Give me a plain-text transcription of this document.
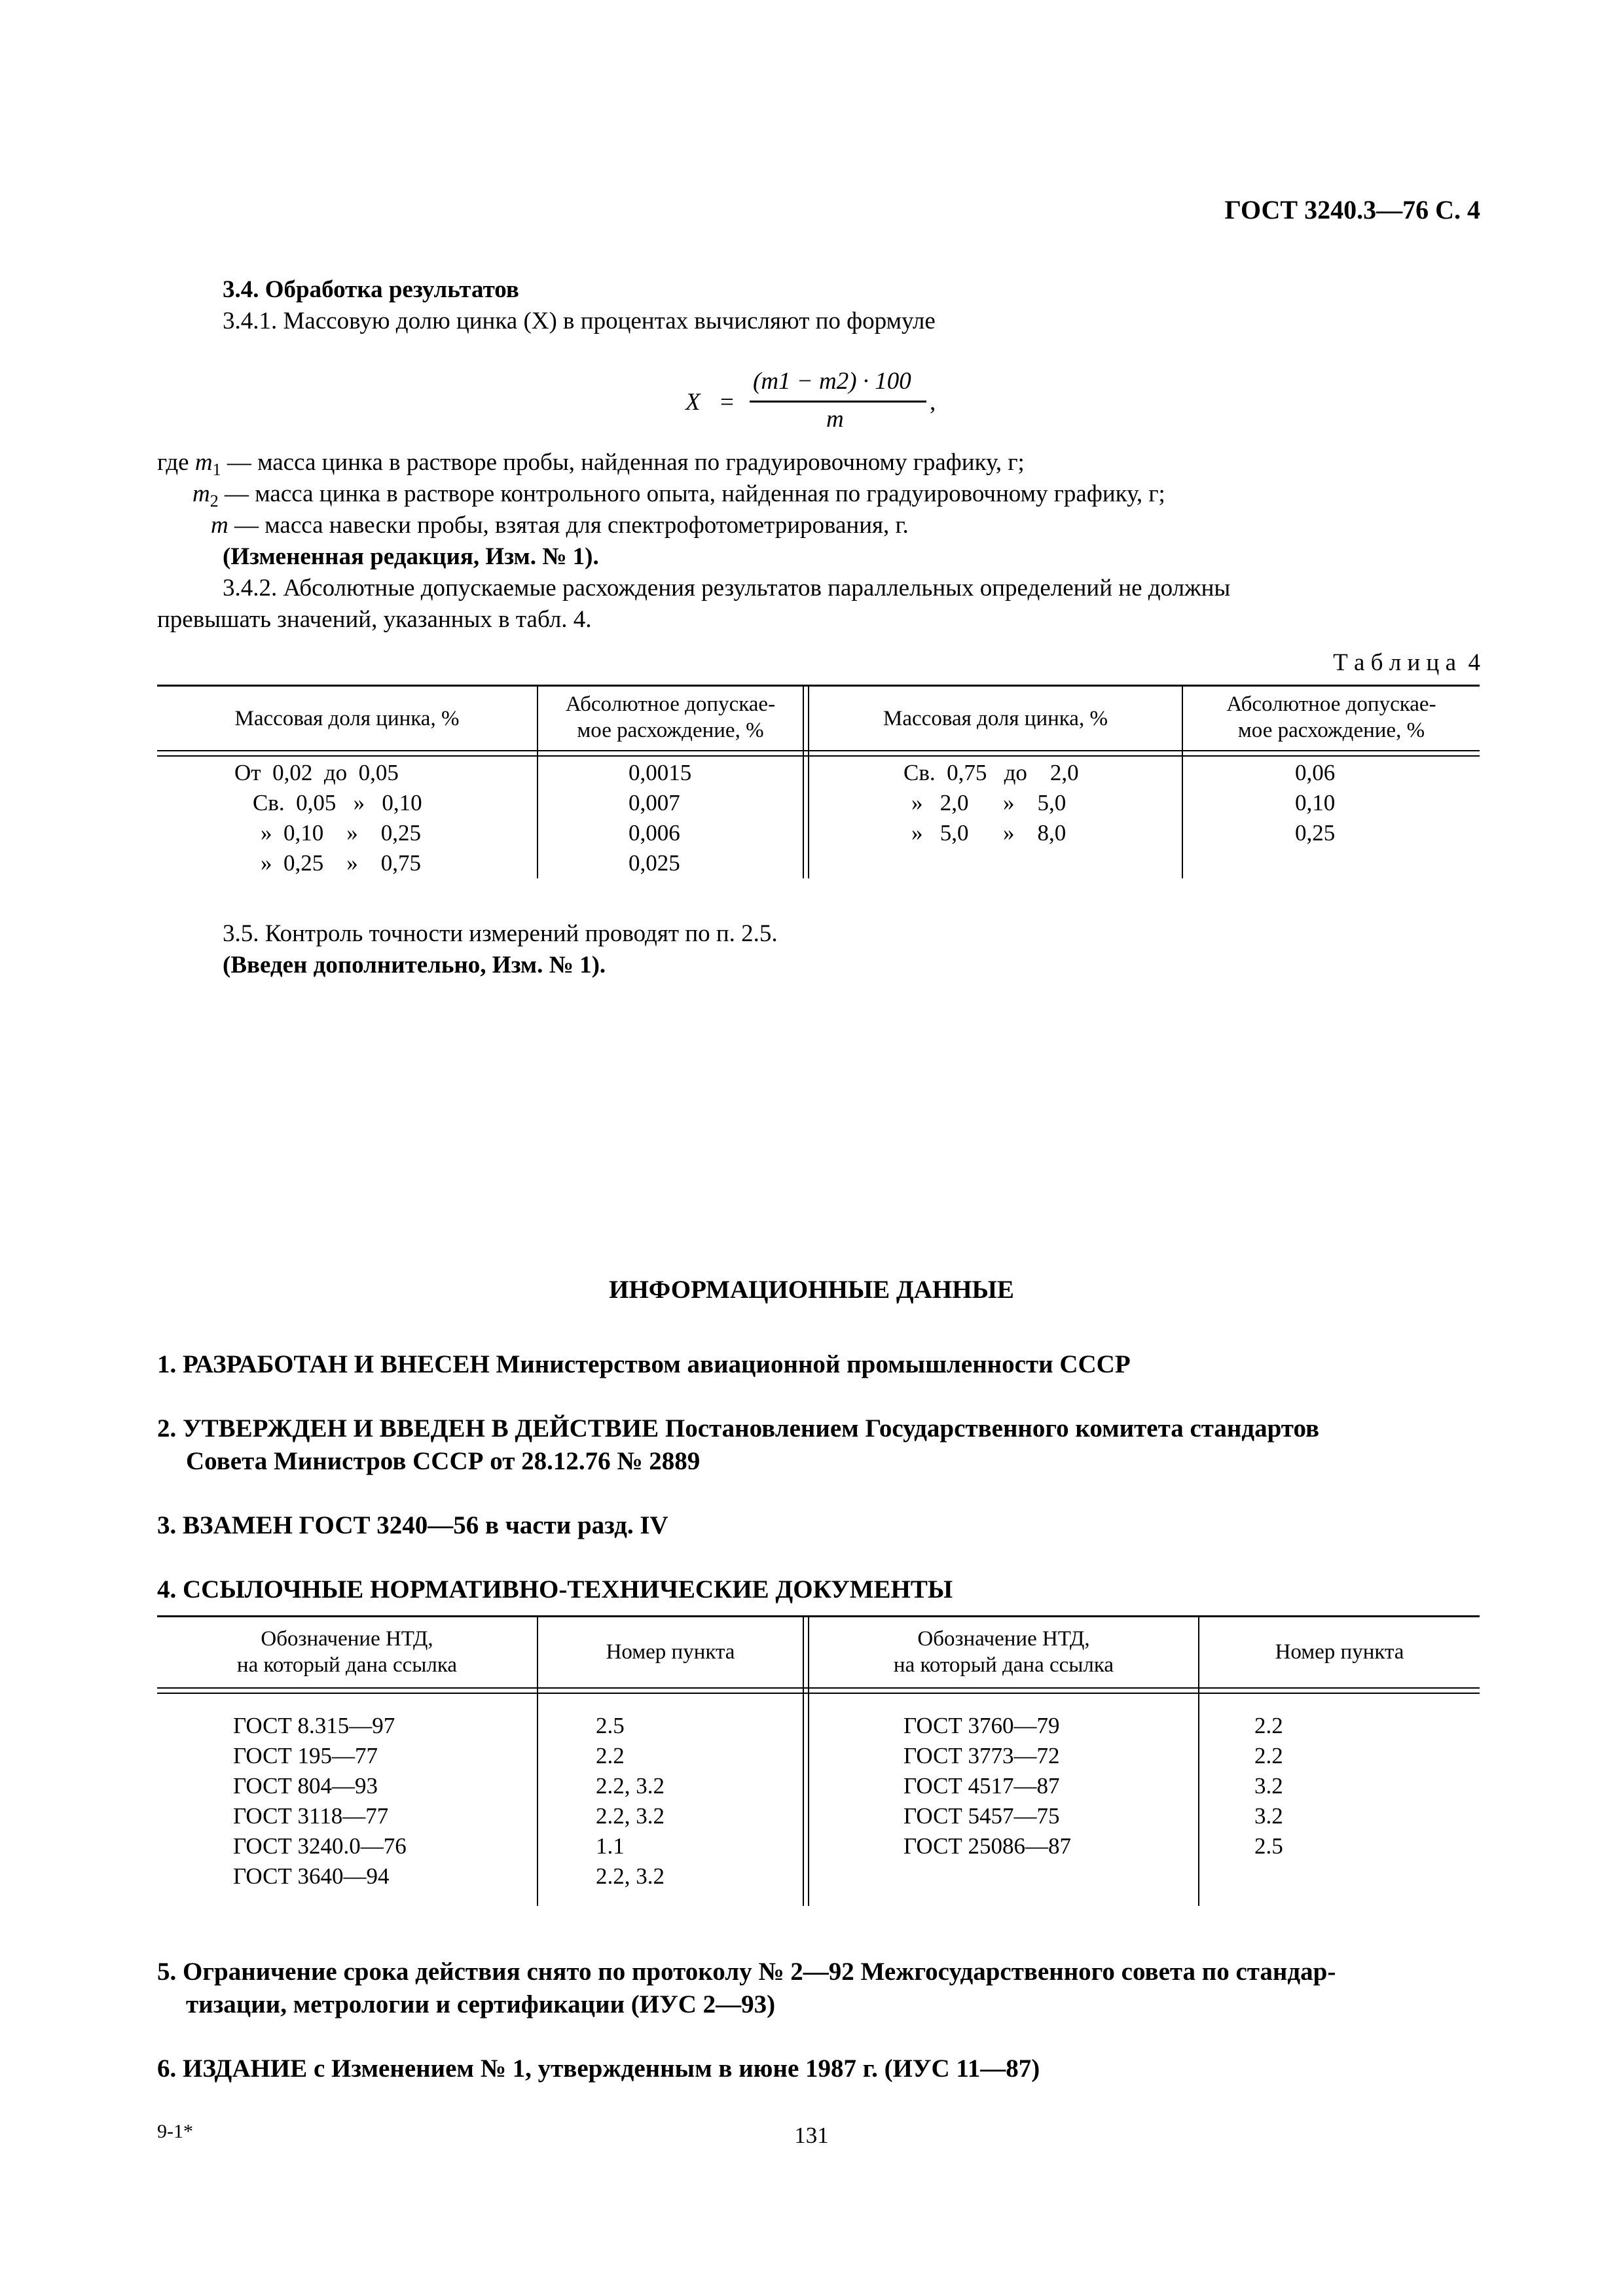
ГОСТ 3240.3—76 С. 4
3.4. Обработка результатов
3.4.1. Массовую долю цинка (X) в процентах вычисляют по формуле
X =
(m1 − m2) · 100
m
,
где $m_1$ — масса цинка в растворе пробы, найденная по градуировочному графику, г;
$m_2$ — масса цинка в растворе контрольного опыта, найденная по градуировочному графику, г;
m — масса навески пробы, взятая для спектрофотометрирования, г.
(Измененная редакция, Изм. № 1).
3.4.2. Абсолютные допускаемые расхождения результатов параллельных определений не должны
превышать значений, указанных в табл. 4.
Т а б л и ц а  4
Массовая доля цинка, %
Абсолютное допускае-
мое расхождение, %	Массовая доля цинка, %
Абсолютное допускае-
мое расхождение, %
От  0,02  до  0,05
Св.  0,05   »   0,10
»  0,10    »    0,25
»  0,25    »    0,75
0,0015
0,007
0,006
0,025
Св.  0,75   до    2,0
»   2,0      »    5,0
»   5,0      »    8,0
0,06
0,10
0,25
3.5. Контроль точности измерений проводят по п. 2.5.
(Введен дополнительно, Изм. № 1).
ИНФОРМАЦИОННЫЕ ДАННЫЕ
1. РАЗРАБОТАН И ВНЕСЕН Министерством авиационной промышленности СССР
2. УТВЕРЖДЕН И ВВЕДЕН В ДЕЙСТВИЕ Постановлением Государственного комитета стандартов
Совета Министров СССР от 28.12.76 № 2889
3. ВЗАМЕН ГОСТ 3240—56 в части разд. IV
4. ССЫЛОЧНЫЕ НОРМАТИВНО-ТЕХНИЧЕСКИЕ ДОКУМЕНТЫ
Обозначение НТД,
на который дана ссылка
Номер пункта
Обозначение НТД,
на который дана ссылка
Номер пункта
ГОСТ 8.315—97
ГОСТ 195—77
ГОСТ 804—93
ГОСТ 3118—77
ГОСТ 3240.0—76
ГОСТ 3640—94
2.5
2.2
2.2, 3.2
2.2, 3.2
1.1
2.2, 3.2
ГОСТ 3760—79
ГОСТ 3773—72
ГОСТ 4517—87
ГОСТ 5457—75
ГОСТ 25086—87
2.2
2.2
3.2
3.2
2.5
5. Ограничение срока действия снято по протоколу № 2—92 Межгосударственного совета по стандар-
тизации, метрологии и сертификации (ИУС 2—93)
6. ИЗДАНИЕ с Изменением № 1, утвержденным в июне 1987 г. (ИУС 11—87)
9-1*	131
